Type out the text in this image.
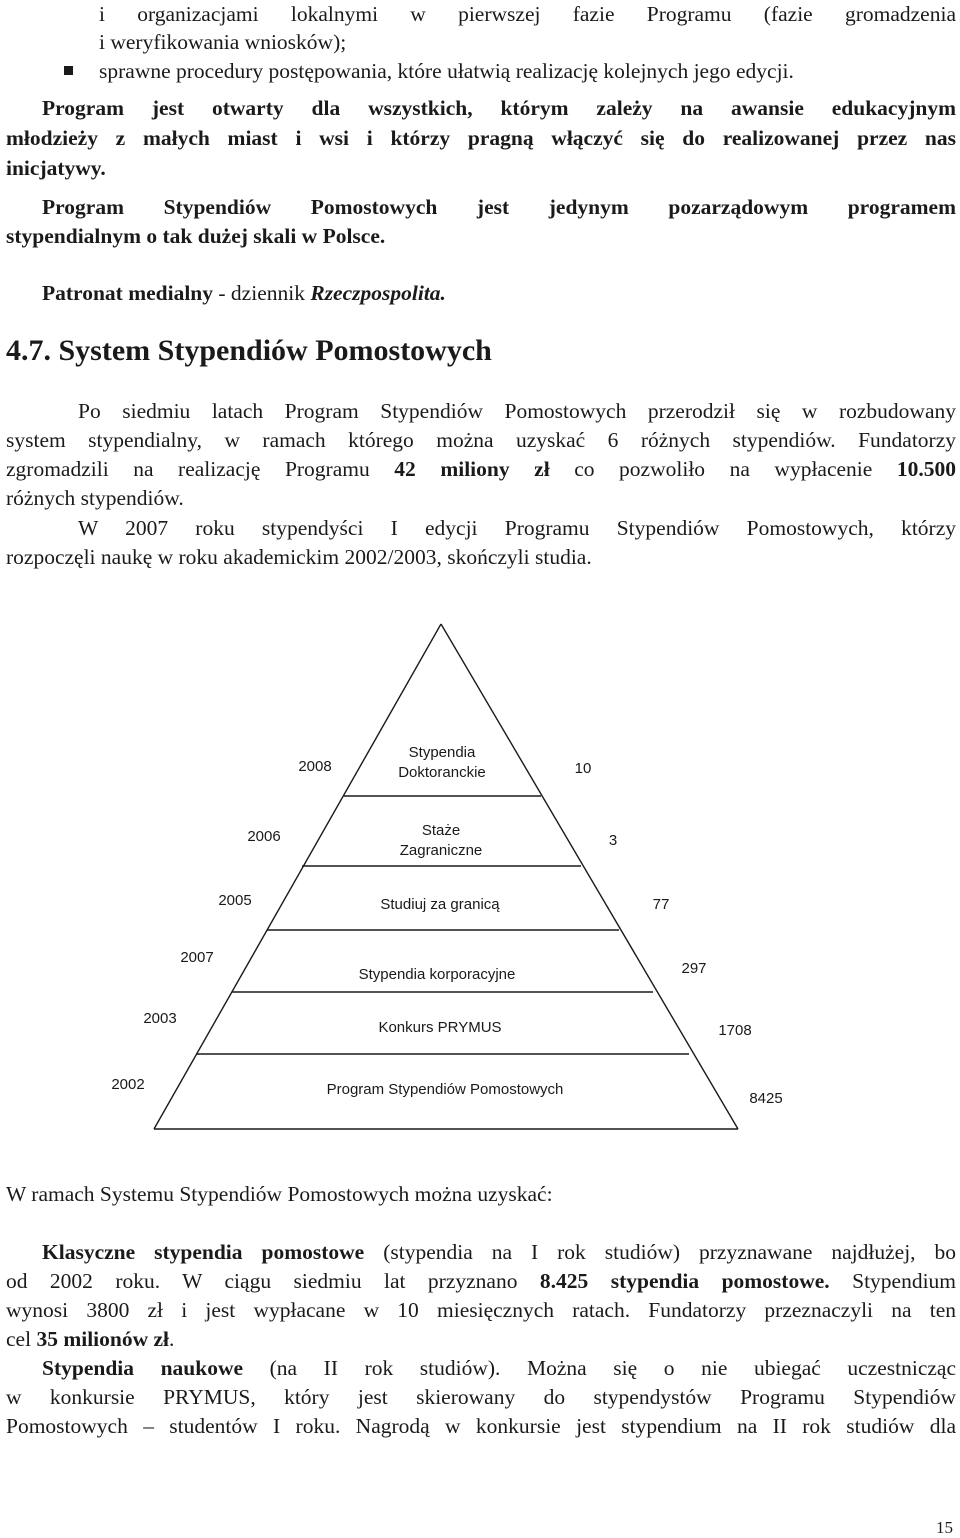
i organizacjami lokalnymi w pierwszej fazie Programu (fazie gromadzenia
i weryfikowania wniosków);
sprawne procedury postępowania, które ułatwią realizację kolejnych jego edycji.
Program jest otwarty dla wszystkich, którym zależy na awansie edukacyjnym
młodzieży z małych miast i wsi i którzy pragną włączyć się do realizowanej przez nas
inicjatywy.
Program Stypendiów Pomostowych jest jedynym pozarządowym programem
stypendialnym o tak dużej skali w Polsce.
Patronat medialny - dziennik Rzeczpospolita.
4.7. System Stypendiów Pomostowych
Po siedmiu latach Program Stypendiów Pomostowych przerodził się w rozbudowany
system stypendialny, w ramach którego można uzyskać 6 różnych stypendiów. Fundatorzy
zgromadzili na realizację Programu 42 miliony zł co pozwoliło na wypłacenie 10.500
różnych stypendiów.
W 2007 roku stypendyści I edycji Programu Stypendiów Pomostowych, którzy
rozpoczęli naukę w roku akademickim 2002/2003, skończyli studia.
2008
Stypendia
Doktoranckie	10
2006	Staże
Zagraniczne
3
2005	Studiuj za granicą	77
2007
Stypendia korporacyjne	297
2003
Konkurs PRYMUS	1708
2002	Program Stypendiów Pomostowych
8425
W ramach Systemu Stypendiów Pomostowych można uzyskać:
Klasyczne stypendia pomostowe (stypendia na I rok studiów) przyznawane najdłużej, bo
od 2002 roku. W ciągu siedmiu lat przyznano 8.425 stypendia pomostowe. Stypendium
wynosi 3800 zł i jest wypłacane w 10 miesięcznych ratach. Fundatorzy przeznaczyli na ten
cel 35 milionów zł.
Stypendia naukowe (na II rok studiów). Można się o nie ubiegać uczestnicząc
w konkursie PRYMUS, który jest skierowany do stypendystów Programu Stypendiów
Pomostowych – studentów I roku. Nagrodą w konkursie jest stypendium na II rok studiów dla
15
